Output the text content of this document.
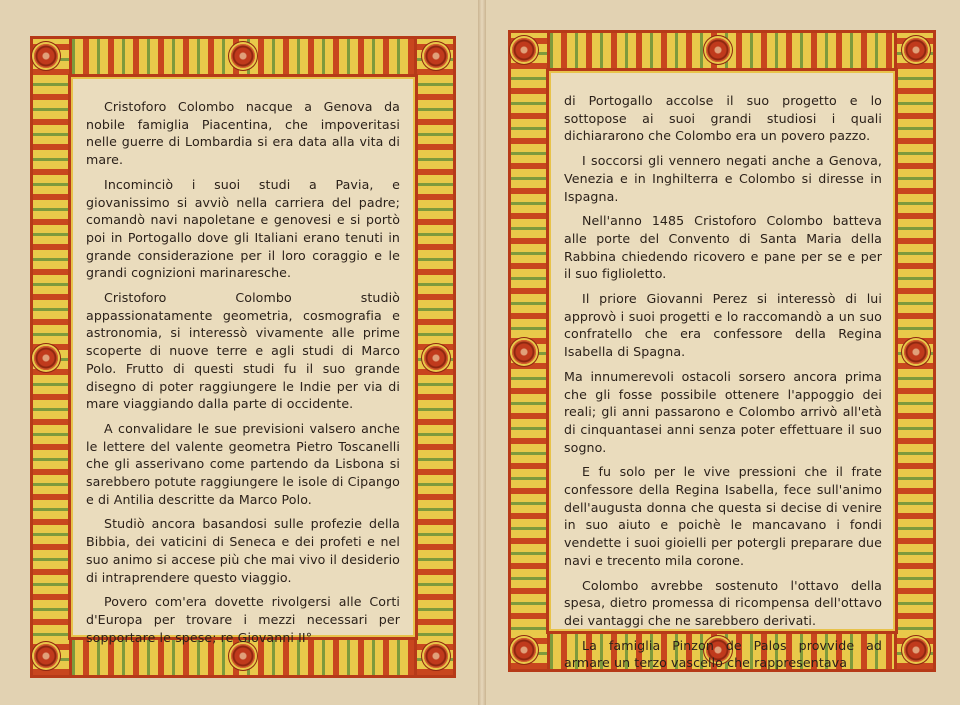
Cristoforo Colombo nacque a Genova da nobile famiglia Piacentina, che impoveritasi nelle guerre di Lombardia si era data alla vita di mare.

Incominciò i suoi studi a Pavia, e giovanissimo si avviò nella carriera del padre; comandò navi napoletane e genovesi e si portò poi in Portogallo dove gli Italiani erano tenuti in grande considerazione per il loro coraggio e le grandi cognizioni marinaresche.

Cristoforo Colombo studiò appassionatamente geometria, cosmografia e astronomia, si interessò vivamente alle prime scoperte di nuove terre e agli studi di Marco Polo. Frutto di questi studi fu il suo grande disegno di poter raggiungere le Indie per via di mare viaggiando dalla parte di occidente.

A convalidare le sue previsioni valsero anche le lettere del valente geometra Pietro Toscanelli che gli asserivano come partendo da Lisbona si sarebbero potute raggiungere le isole di Cipango e di Antilia descritte da Marco Polo.

Studiò ancora basandosi sulle profezie della Bibbia, dei vaticini di Seneca e dei profeti e nel suo animo si accese più che mai vivo il desiderio di intraprendere questo viaggio.

Povero com'era dovette rivolgersi alle Corti d'Europa per trovare i mezzi necessari per sopportare le spese; re Giovanni II°

di Portogallo accolse il suo progetto e lo sottopose ai suoi grandi studiosi i quali dichiararono che Colombo era un povero pazzo.

I soccorsi gli vennero negati anche a Genova, Venezia e in Inghilterra e Colombo si diresse in Ispagna.

Nell'anno 1485 Cristoforo Colombo batteva alle porte del Convento di Santa Maria della Rabbina chiedendo ricovero e pane per se e per il suo figlioletto.

Il priore Giovanni Perez si interessò di lui approvò i suoi progetti e lo raccomandò a un suo confratello che era confessore della Regina Isabella di Spagna.

Ma innumerevoli ostacoli sorsero ancora prima che gli fosse possibile ottenere l'appoggio dei reali; gli anni passarono e Colombo arrivò all'età di cinquantasei anni senza poter effettuare il suo sogno.

E fu solo per le vive pressioni che il frate confessore della Regina Isabella, fece sull'animo dell'augusta donna che questa si decise di venire in suo aiuto e poichè le mancavano i fondi vendette i suoi gioielli per potergli preparare due navi e trecento mila corone.

Colombo avrebbe sostenuto l'ottavo della spesa, dietro promessa di ricompensa dell'ottavo dei vantaggi che ne sarebbero derivati.

La famiglia Pinzon de Palos provvide ad armare un terzo vascello che rappresentava
